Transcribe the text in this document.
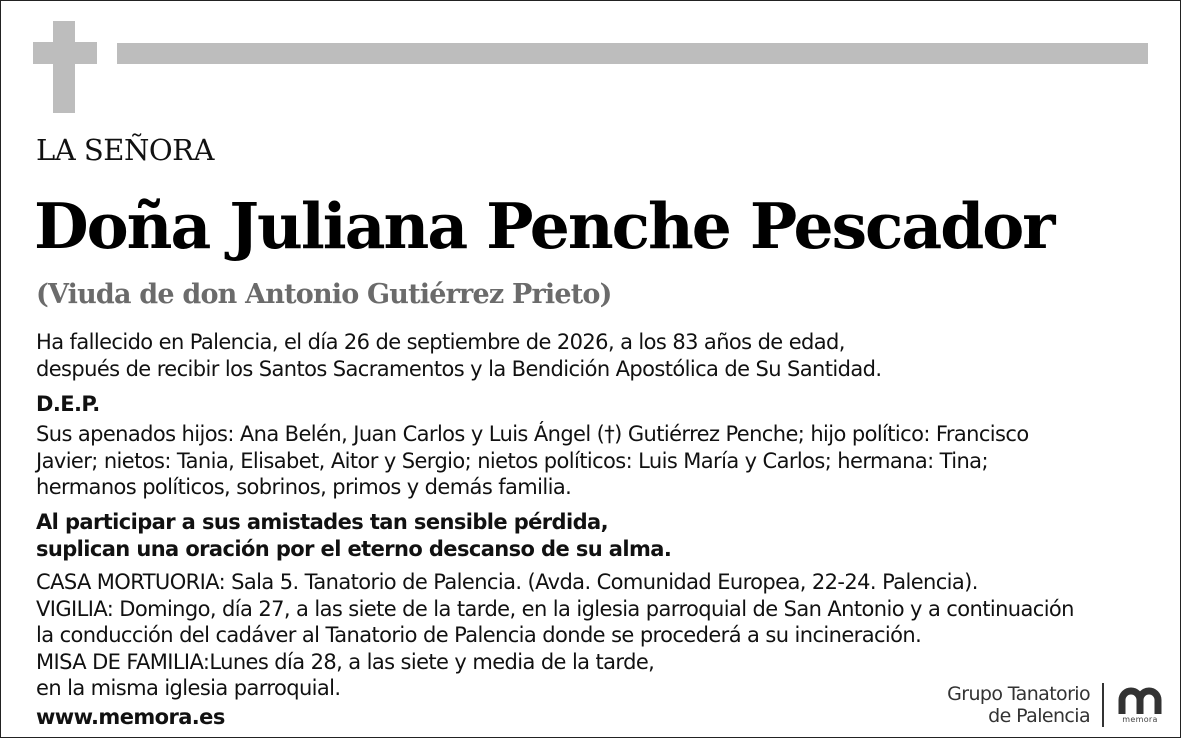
LA SEÑORA

Doña Juliana Penche Pescador

(Viuda de don Antonio Gutiérrez Prieto)

Ha fallecido en Palencia, el día 26 de septiembre de 2026, a los 83 años de edad,
después de recibir los Santos Sacramentos y la Bendición Apostólica de Su Santidad.
D.E.P.
Sus apenados hijos: Ana Belén, Juan Carlos y Luis Ángel (†) Gutiérrez Penche; hijo político: Francisco
Javier; nietos: Tania, Elisabet, Aitor y Sergio; nietos políticos: Luis María y Carlos; hermana: Tina;
hermanos políticos, sobrinos, primos y demás familia.
Al participar a sus amistades tan sensible pérdida,
suplican una oración por el eterno descanso de su alma.
CASA MORTUORIA: Sala 5. Tanatorio de Palencia. (Avda. Comunidad Europea, 22-24. Palencia).
VIGILIA: Domingo, día 27, a las siete de la tarde, en la iglesia parroquial de San Antonio y a continuación
la conducción del cadáver al Tanatorio de Palencia donde se procederá a su incineración.
MISA DE FAMILIA:Lunes día 28, a las siete y media de la tarde,
en la misma iglesia parroquial.
www.memora.es
Grupo Tanatorio
de Palencia	memora
